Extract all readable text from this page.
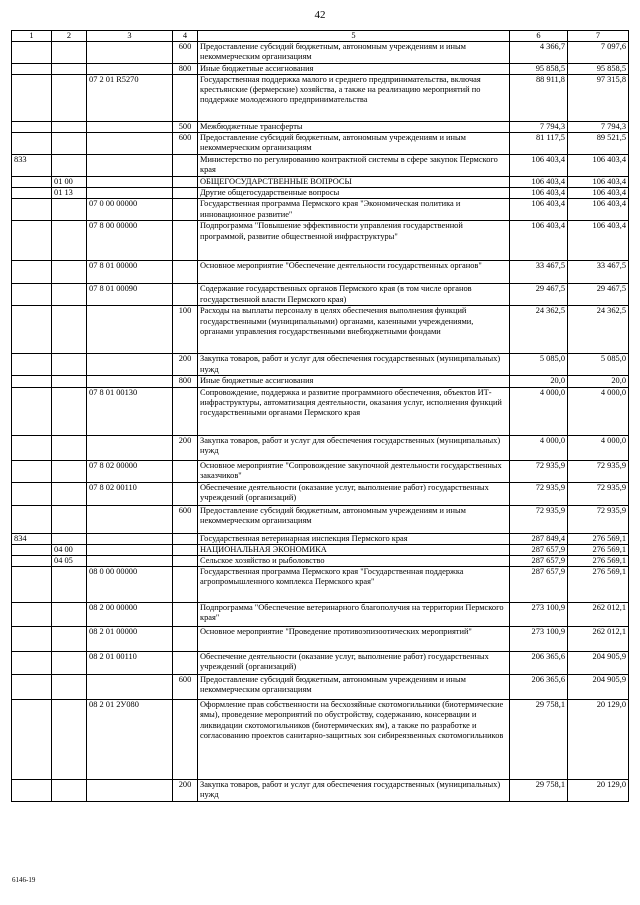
42
1	2	3	4	5	6	7
			600	Предоставление субсидий бюджетным, автономным учреждениям и иным некоммерческим организациям	4 366,7	7 097,6
			800	Иные бюджетные ассигнования	95 858,5	95 858,5
		07 2 01 R5270		Государственная поддержка малого и среднего предпринимательства, включая крестьянские (фермерские) хозяйства, а также на реализацию мероприятий по поддержке молодежного предпринимательства	88 911,8	97 315,8
			500	Межбюджетные трансферты	7 794,3	7 794,3
			600	Предоставление субсидий бюджетным, автономным учреждениям и иным некоммерческим организациям	81 117,5	89 521,5
833				Министерство по регулированию контрактной системы в сфере закупок Пермского края	106 403,4	106 403,4
	01 00			ОБЩЕГОСУДАРСТВЕННЫЕ ВОПРОСЫ	106 403,4	106 403,4
	01 13			Другие общегосударственные вопросы	106 403,4	106 403,4
		07 0 00 00000		Государственная программа Пермского края "Экономическая политика и инновационное развитие"	106 403,4	106 403,4
		07 8 00 00000		Подпрограмма "Повышение эффективности управления государственной программой, развитие общественной инфраструктуры"	106 403,4	106 403,4
		07 8 01 00000		Основное мероприятие "Обеспечение деятельности государственных органов"	33 467,5	33 467,5
		07 8 01 00090		Содержание государственных органов Пермского края (в том числе органов государственной власти Пермского края)	29 467,5	29 467,5
			100	Расходы на выплаты персоналу в целях обеспечения выполнения функций государственными (муниципальными) органами, казенными учреждениями, органами управления государственными внебюджетными фондами	24 362,5	24 362,5
			200	Закупка товаров, работ и услуг для обеспечения государственных (муниципальных) нужд	5 085,0	5 085,0
			800	Иные бюджетные ассигнования	20,0	20,0
		07 8 01 00130		Сопровождение, поддержка и развитие программного обеспечения, объектов ИТ-инфраструктуры, автоматизация деятельности, оказания услуг, исполнения функций государственными органами Пермского края	4 000,0	4 000,0
			200	Закупка товаров, работ и услуг для обеспечения государственных (муниципальных) нужд	4 000,0	4 000,0
		07 8 02 00000		Основное мероприятие "Сопровождение закупочной деятельности государственных заказчиков"	72 935,9	72 935,9
		07 8 02 00110		Обеспечение деятельности (оказание услуг, выполнение работ) государственных учреждений (организаций)	72 935,9	72 935,9
			600	Предоставление субсидий бюджетным, автономным учреждениям и иным некоммерческим организациям	72 935,9	72 935,9
834				Государственная ветеринарная инспекция Пермского края	287 849,4	276 569,1
	04 00			НАЦИОНАЛЬНАЯ ЭКОНОМИКА	287 657,9	276 569,1
	04 05			Сельское хозяйство и рыболовство	287 657,9	276 569,1
		08 0 00 00000		Государственная программа Пермского края "Государственная поддержка агропромышленного комплекса Пермского края"	287 657,9	276 569,1
		08 2 00 00000		Подпрограмма "Обеспечение ветеринарного благополучия на территории Пермского края"	273 100,9	262 012,1
		08 2 01 00000		Основное мероприятие "Проведение противоэпизоотических мероприятий"	273 100,9	262 012,1
		08 2 01 00110		Обеспечение деятельности (оказание услуг, выполнение работ) государственных учреждений (организаций)	206 365,6	204 905,9
			600	Предоставление субсидий бюджетным, автономным учреждениям и иным некоммерческим организациям	206 365,6	204 905,9
		08 2 01 2У080		Оформление прав собственности на бесхозяйные скотомогильники (биотермические ямы), проведение мероприятий по обустройству, содержанию, консервации и ликвидации скотомогильников (биотермических ям), а также по разработке и согласованию проектов санитарно-защитных зон сибиреязвенных скотомогильников	29 758,1	20 129,0
			200	Закупка товаров, работ и услуг для обеспечения государственных (муниципальных) нужд	29 758,1	20 129,0
6146-19
